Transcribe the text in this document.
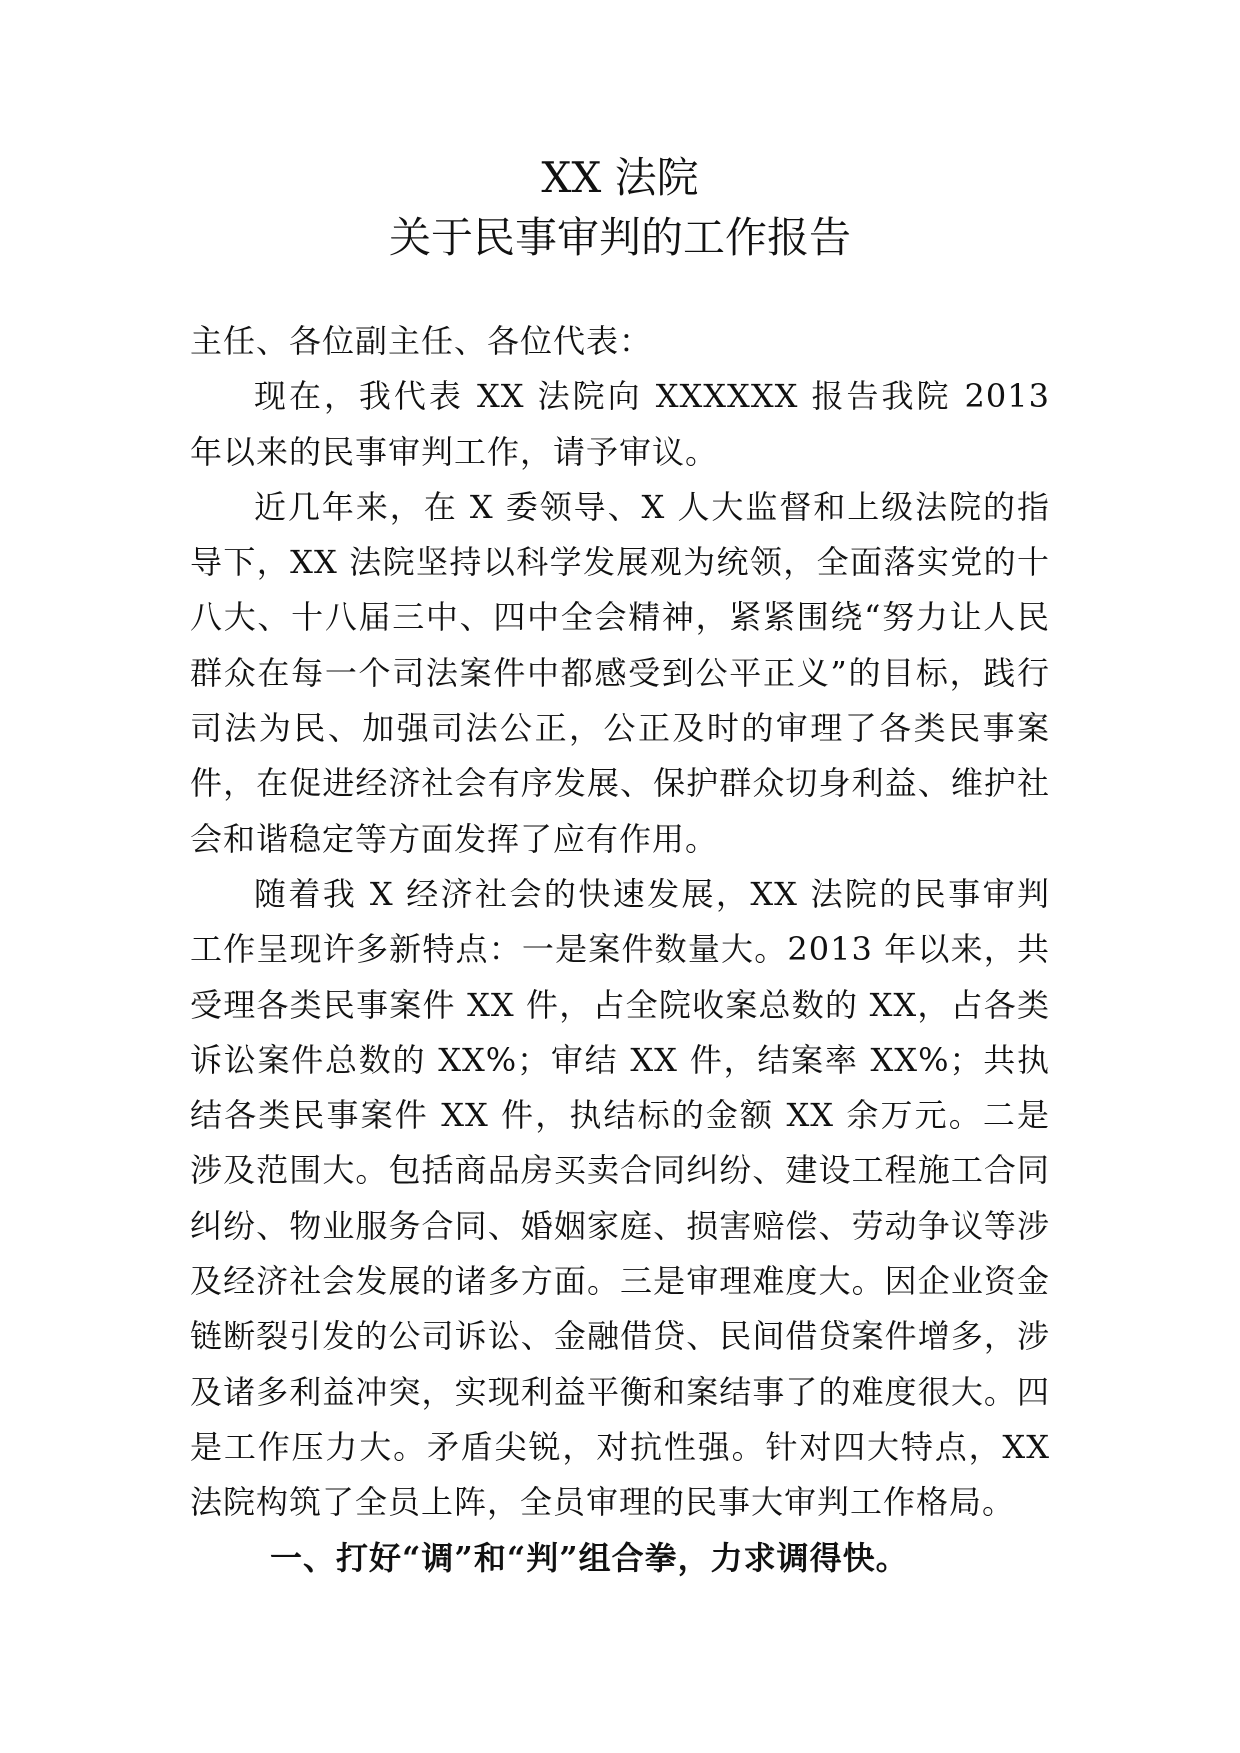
XX 法院
关于民事审判的工作报告

主任、各位副主任、各位代表：

现在，我代表 XX 法院向 XXXXXX 报告我院 2013 年以来的民事审判工作，请予审议。

近几年来，在 X 委领导、X 人大监督和上级法院的指导下，XX 法院坚持以科学发展观为统领，全面落实党的十八大、十八届三中、四中全会精神，紧紧围绕“努力让人民群众在每一个司法案件中都感受到公平正义”的目标，践行司法为民、加强司法公正，公正及时的审理了各类民事案件，在促进经济社会有序发展、保护群众切身利益、维护社会和谐稳定等方面发挥了应有作用。

随着我 X 经济社会的快速发展，XX 法院的民事审判工作呈现许多新特点：一是案件数量大。2013 年以来，共受理各类民事案件 XX 件，占全院收案总数的 XX，占各类诉讼案件总数的 XX%；审结 XX 件，结案率 XX%；共执结各类民事案件 XX 件，执结标的金额 XX 余万元。二是涉及范围大。包括商品房买卖合同纠纷、建设工程施工合同纠纷、物业服务合同、婚姻家庭、损害赔偿、劳动争议等涉及经济社会发展的诸多方面。三是审理难度大。因企业资金链断裂引发的公司诉讼、金融借贷、民间借贷案件增多，涉及诸多利益冲突，实现利益平衡和案结事了的难度很大。四是工作压力大。矛盾尖锐，对抗性强。针对四大特点，XX 法院构筑了全员上阵，全员审理的民事大审判工作格局。

一、打好“调”和“判”组合拳，力求调得快。
